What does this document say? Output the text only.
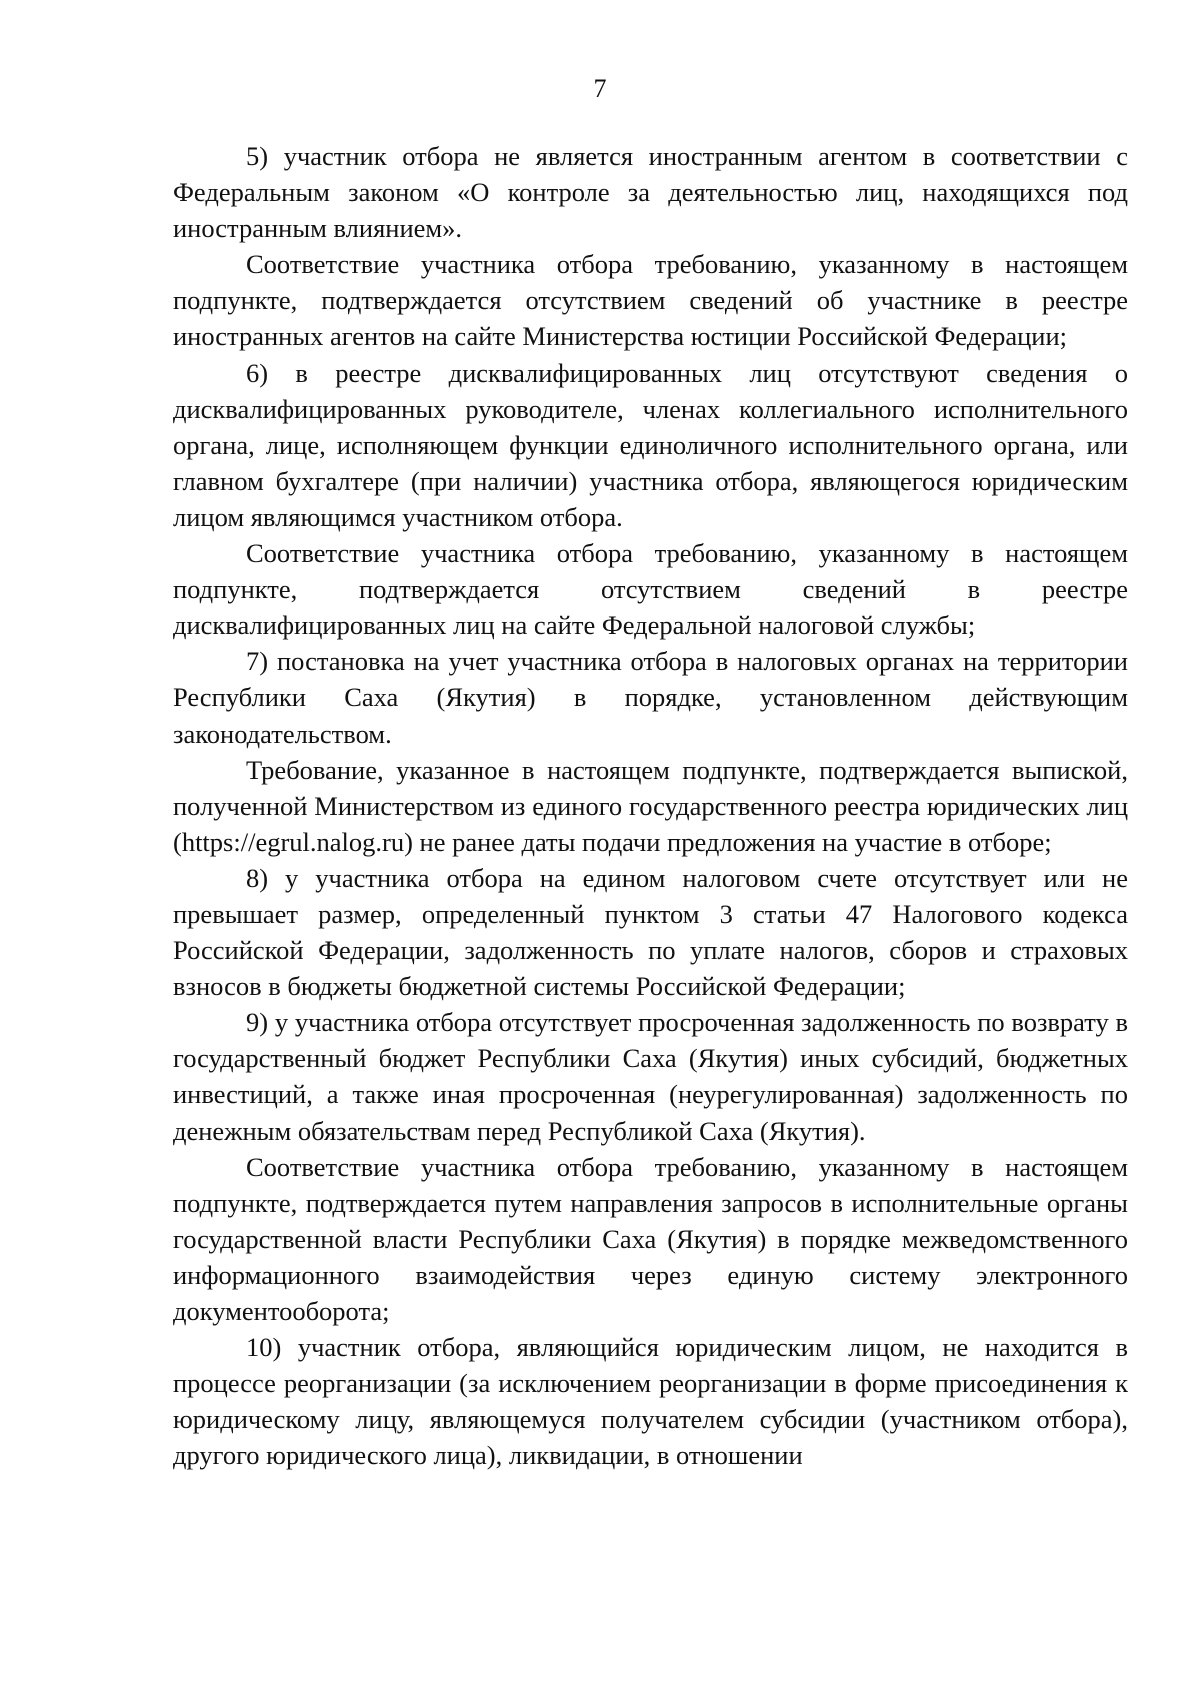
7

5) участник отбора не является иностранным агентом в соответствии с Федеральным законом «О контроле за деятельностью лиц, находящихся под иностранным влиянием».

Соответствие участника отбора требованию, указанному в настоящем подпункте, подтверждается отсутствием сведений об участнике в реестре иностранных агентов на сайте Министерства юстиции Российской Федерации;

6) в реестре дисквалифицированных лиц отсутствуют сведения о дисквалифицированных руководителе, членах коллегиального исполнительного органа, лице, исполняющем функции единоличного исполнительного органа, или главном бухгалтере (при наличии) участника отбора, являющегося юридическим лицом являющимся участником отбора.

Соответствие участника отбора требованию, указанному в настоящем подпункте, подтверждается отсутствием сведений в реестре дисквалифицированных лиц на сайте Федеральной налоговой службы;

7) постановка на учет участника отбора в налоговых органах на территории Республики Саха (Якутия) в порядке, установленном действующим законодательством.

Требование, указанное в настоящем подпункте, подтверждается выпиской, полученной Министерством из единого государственного реестра юридических лиц (https://egrul.nalog.ru) не ранее даты подачи предложения на участие в отборе;

8) у участника отбора на едином налоговом счете отсутствует или не превышает размер, определенный пунктом 3 статьи 47 Налогового кодекса Российской Федерации, задолженность по уплате налогов, сборов и страховых взносов в бюджеты бюджетной системы Российской Федерации;

9) у участника отбора отсутствует просроченная задолженность по возврату в государственный бюджет Республики Саха (Якутия) иных субсидий, бюджетных инвестиций, а также иная просроченная (неурегулированная) задолженность по денежным обязательствам перед Республикой Саха (Якутия).

Соответствие участника отбора требованию, указанному в настоящем подпункте, подтверждается путем направления запросов в исполнительные органы государственной власти Республики Саха (Якутия) в порядке межведомственного информационного взаимодействия через единую систему электронного документооборота;

10) участник отбора, являющийся юридическим лицом, не находится в процессе реорганизации (за исключением реорганизации в форме присоединения к юридическому лицу, являющемуся получателем субсидии (участником отбора), другого юридического лица), ликвидации, в отношении
